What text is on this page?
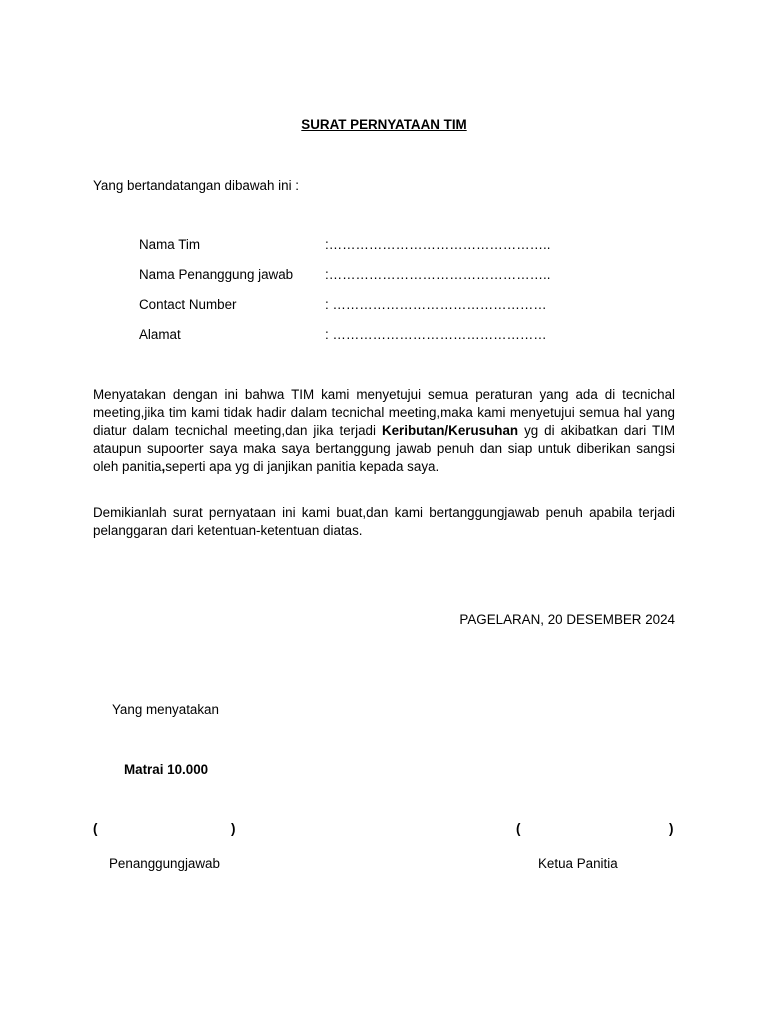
SURAT PERNYATAAN TIM
Yang bertandatangan dibawah ini :
Nama Tim	:…………………………………………..
Nama Penanggung jawab :…………………………………………..
Contact Number	: …………………………………………
Alamat	: …………………………………………
Menyatakan dengan ini bahwa TIM kami menyetujui semua peraturan yang ada di tecnichal meeting,jika tim kami tidak hadir dalam tecnichal meeting,maka kami menyetujui semua hal yang diatur dalam tecnichal meeting,dan jika terjadi Keributan/Kerusuhan yg di akibatkan dari TIM ataupun supoorter saya maka saya bertanggung jawab penuh dan siap untuk diberikan sangsi oleh panitia,seperti apa yg di janjikan panitia kepada saya.
Demikianlah surat pernyataan ini kami buat,dan kami bertanggungjawab penuh apabila terjadi pelanggaran dari ketentuan-ketentuan diatas.
PAGELARAN, 20 DESEMBER 2024
Yang menyatakan
Matrai 10.000
(	)	(	)
Penanggungjawab	Ketua Panitia
